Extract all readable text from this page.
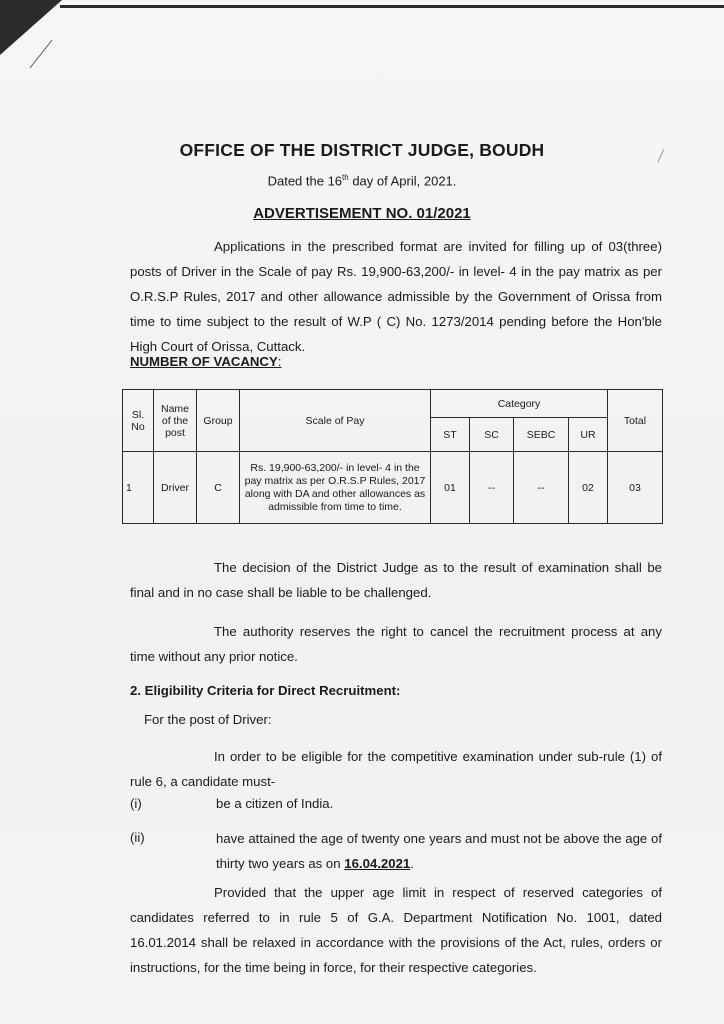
OFFICE OF THE DISTRICT JUDGE, BOUDH
Dated the 16th day of April, 2021.
ADVERTISEMENT NO. 01/2021
Applications in the prescribed format are invited for filling up of 03(three) posts of Driver in the Scale of pay Rs. 19,900-63,200/- in level- 4 in the pay matrix as per O.R.S.P Rules, 2017 and other allowance admissible by the Government of Orissa from time to time subject to the result of W.P ( C) No. 1273/2014 pending before the Hon'ble High Court of Orissa, Cuttack.
NUMBER OF VACANCY:
Sl. No	Name of the post	Group	Scale of Pay	Category				Total
				ST	SC	SEBC	UR	
1	Driver	C	Rs. 19,900-63,200/- in level- 4 in the pay matrix as per O.R.S.P Rules, 2017 along with DA and other allowances as admissible from time to time.	01	--	--	02	03
The decision of the District Judge as to the result of examination shall be final and in no case shall be liable to be challenged.
The authority reserves the right to cancel the recruitment process at any time without any prior notice.
2. Eligibility Criteria for Direct Recruitment:
For the post of Driver:
In order to be eligible for the competitive examination under sub-rule (1) of rule 6, a candidate must-
(i)	be a citizen of India.
(ii)	have attained the age of twenty one years and must not be above the age of thirty two years as on 16.04.2021.
Provided that the upper age limit in respect of reserved categories of candidates referred to in rule 5 of G.A. Department Notification No. 1001, dated 16.01.2014 shall be relaxed in accordance with the provisions of the Act, rules, orders or instructions, for the time being in force, for their respective categories.
